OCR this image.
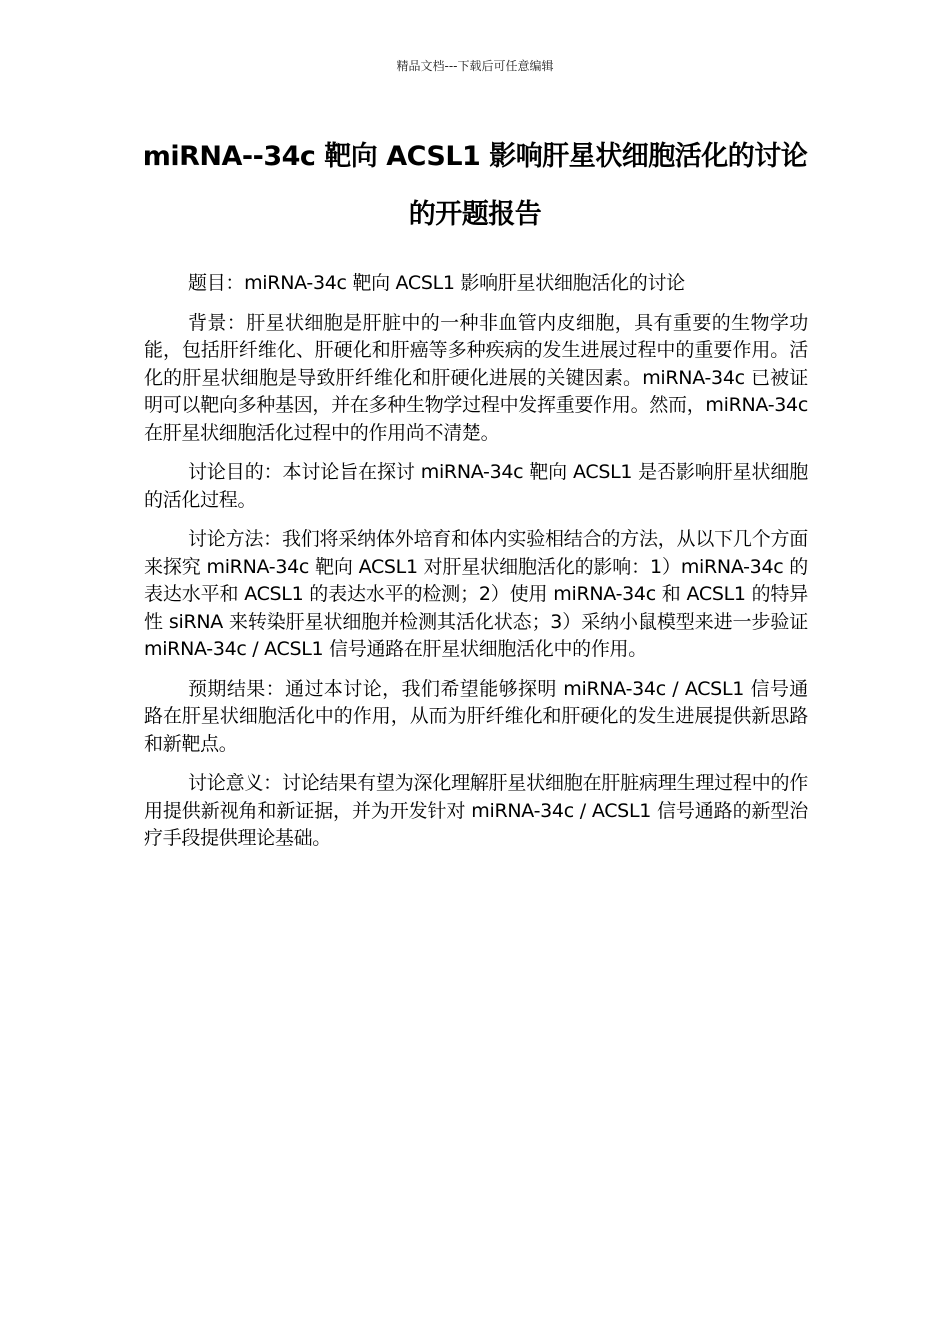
精品文档---下载后可任意编辑
miRNA--34c 靶向 ACSL1 影响肝星状细胞活化的讨论的开题报告

题目：miRNA-34c 靶向 ACSL1 影响肝星状细胞活化的讨论

背景：肝星状细胞是肝脏中的一种非血管内皮细胞，具有重要的生物学功能，包括肝纤维化、肝硬化和肝癌等多种疾病的发生进展过程中的重要作用。活化的肝星状细胞是导致肝纤维化和肝硬化进展的关键因素。miRNA-34c 已被证明可以靶向多种基因，并在多种生物学过程中发挥重要作用。然而，miRNA-34c 在肝星状细胞活化过程中的作用尚不清楚。

讨论目的：本讨论旨在探讨 miRNA-34c 靶向 ACSL1 是否影响肝星状细胞的活化过程。

讨论方法：我们将采纳体外培育和体内实验相结合的方法，从以下几个方面来探究 miRNA-34c 靶向 ACSL1 对肝星状细胞活化的影响：1）miRNA-34c 的表达水平和 ACSL1 的表达水平的检测；2）使用 miRNA-34c 和 ACSL1 的特异性 siRNA 来转染肝星状细胞并检测其活化状态；3）采纳小鼠模型来进一步验证 miRNA-34c / ACSL1 信号通路在肝星状细胞活化中的作用。

预期结果：通过本讨论，我们希望能够探明 miRNA-34c / ACSL1 信号通路在肝星状细胞活化中的作用，从而为肝纤维化和肝硬化的发生进展提供新思路和新靶点。

讨论意义：讨论结果有望为深化理解肝星状细胞在肝脏病理生理过程中的作用提供新视角和新证据，并为开发针对 miRNA-34c / ACSL1 信号通路的新型治疗手段提供理论基础。
